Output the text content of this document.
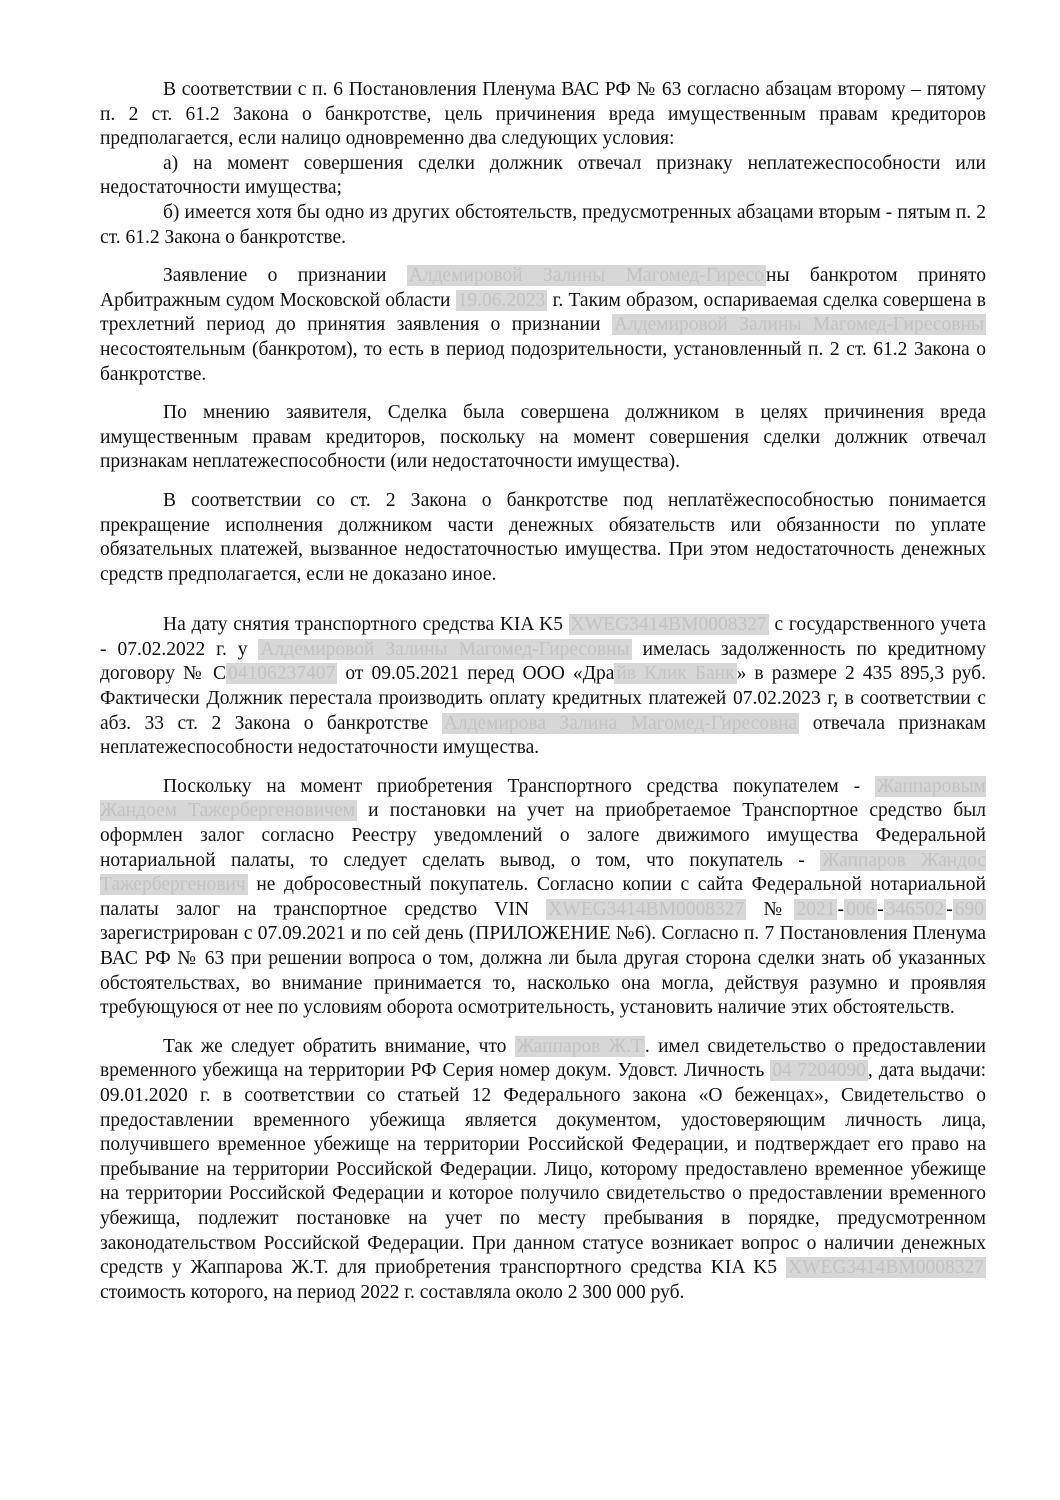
В соответствии с п. 6 Постановления Пленума ВАС РФ № 63 согласно абзацам второму – пятому п. 2 ст. 61.2 Закона о банкротстве, цель причинения вреда имущественным правам кредиторов предполагается, если налицо одновременно два следующих условия:

а) на момент совершения сделки должник отвечал признаку неплатежеспособности или недостаточности имущества;

б) имеется хотя бы одно из других обстоятельств, предусмотренных абзацами вторым - пятым п. 2 ст. 61.2 Закона о банкротстве.

Заявление о признании Алдемировой Залины Магомед-Гиресо ны банкротом принято Арбитражным судом Московской области 19.06.2023 г. Таким образом, оспариваемая сделка совершена в трехлетний период до принятия заявления о признании Алдемировой Залины Магомед-Гиресовны несостоятельным (банкротом), то есть в период подозрительности, установленный п. 2 ст. 61.2 Закона о банкротстве.

По мнению заявителя, Сделка была совершена должником в целях причинения вреда имущественным правам кредиторов, поскольку на момент совершения сделки должник отвечал признакам неплатежеспособности (или недостаточности имущества).

В соответствии со ст. 2 Закона о банкротстве под неплатёжеспособностью понимается прекращение исполнения должником части денежных обязательств или обязанности по уплате обязательных платежей, вызванное недостаточностью имущества. При этом недостаточность денежных средств предполагается, если не доказано иное.

На дату снятия транспортного средства KIA K5 XWEG3414BM0008327 с государственного учета - 07.02.2022 г. у Алдемировой Залины Магомед-Гиресовны имелась задолженность по кредитному договору № С 04106237407 от 09.05.2021 перед ООО «Дра йв Клик Банк » в размере 2 435 895,3 руб. Фактически Должник перестала производить оплату кредитных платежей 07.02.2023 г, в соответствии с абз. 33 ст. 2 Закона о банкротстве Алдемирова Залина Магомед-Гиресовна отвечала признакам неплатежеспособности недостаточности имущества.

Поскольку на момент приобретения Транспортного средства покупателем - Жаппаровым Жандоем Тажербергеновичем и постановки на учет на приобретаемое Транспортное средство был оформлен залог согласно Реестру уведомлений о залоге движимого имущества Федеральной нотариальной палаты, то следует сделать вывод, о том, что покупатель - Жаппаров Жандос Тажербергенович не добросовестный покупатель. Согласно копии с сайта Федеральной нотариальной палаты залог на транспортное средство VIN XWEG3414BM0008327 № 2021 - 006 - 346502 - 690 зарегистрирован с 07.09.2021 и по сей день (ПРИЛОЖЕНИЕ №6). Согласно п. 7 Постановления Пленума ВАС РФ № 63 при решении вопроса о том, должна ли была другая сторона сделки знать об указанных обстоятельствах, во внимание принимается то, насколько она могла, действуя разумно и проявляя требующуюся от нее по условиям оборота осмотрительность, установить наличие этих обстоятельств.

Так же следует обратить внимание, что Жаппаров Ж.Т . имел свидетельство о предоставлении временного убежища на территории РФ Серия номер докум. Удовст. Личность 04 7204090 , дата выдачи: 09.01.2020 г. в соответствии со статьей 12 Федерального закона «О беженцах», Свидетельство о предоставлении временного убежища является документом, удостоверяющим личность лица, получившего временное убежище на территории Российской Федерации, и подтверждает его право на пребывание на территории Российской Федерации. Лицо, которому предоставлено временное убежище на территории Российской Федерации и которое получило свидетельство о предоставлении временного убежища, подлежит постановке на учет по месту пребывания в порядке, предусмотренном законодательством Российской Федерации. При данном статусе возникает вопрос о наличии денежных средств у Жаппарова Ж.Т. для приобретения транспортного средства KIA K5 XWEG3414BM0008327 стоимость которого, на период 2022 г. составляла около 2 300 000 руб.
